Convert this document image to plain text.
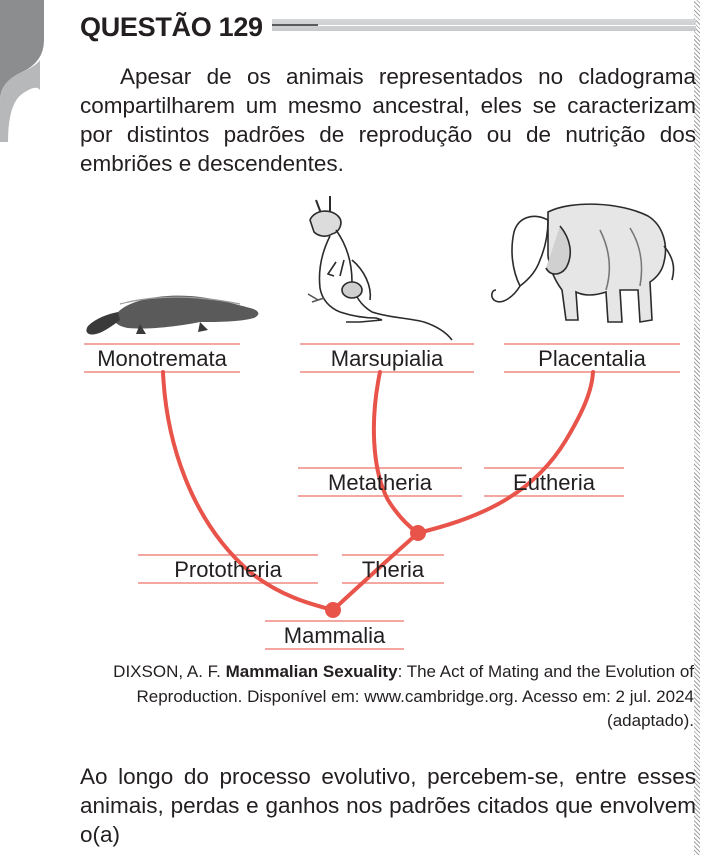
QUESTÃO 129
Apesar de os animais representados no cladograma compartilharem um mesmo ancestral, eles se caracterizam por distintos padrões de reprodução ou de nutrição dos embriões e descendentes.
Monotremata	Marsupialia	Placentalia
Metatheria	Eutheria
Prototheria	Theria
Mammalia
DIXSON, A. F. Mammalian Sexuality: The Act of Mating and the Evolution of Reproduction. Disponível em: www.cambridge.org. Acesso em: 2 jul. 2024 (adaptado).
Ao longo do processo evolutivo, percebem-se, entre esses animais, perdas e ganhos nos padrões citados que envolvem o(a)
